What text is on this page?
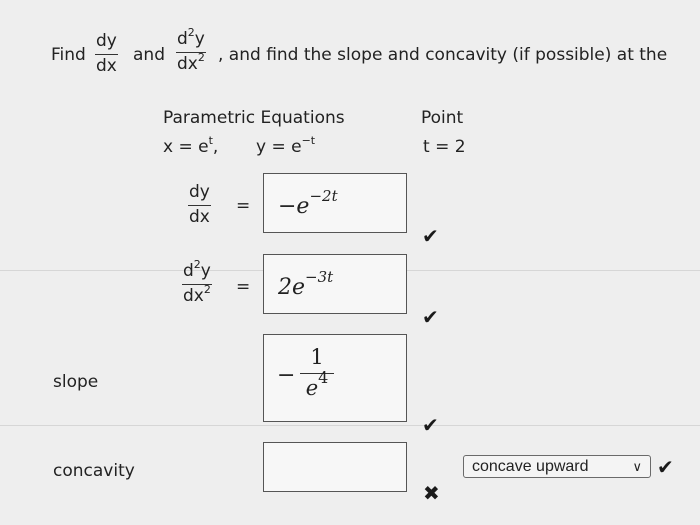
Find
dy
dx
and
$d^2y$
$dx^2$ , and find the slope and concavity (if possible) at the
Parametric Equations	Point
$x = e^t$, $y = e^{-t}$	t = 2
dy
dx
= $-e^{-2t}$
✔
$d^2y$
$dx^2 = 2e^{-3t}$
✔
slope	−
1
$e^4$
✔
concavity	concave upward	∨ ✔
✖
